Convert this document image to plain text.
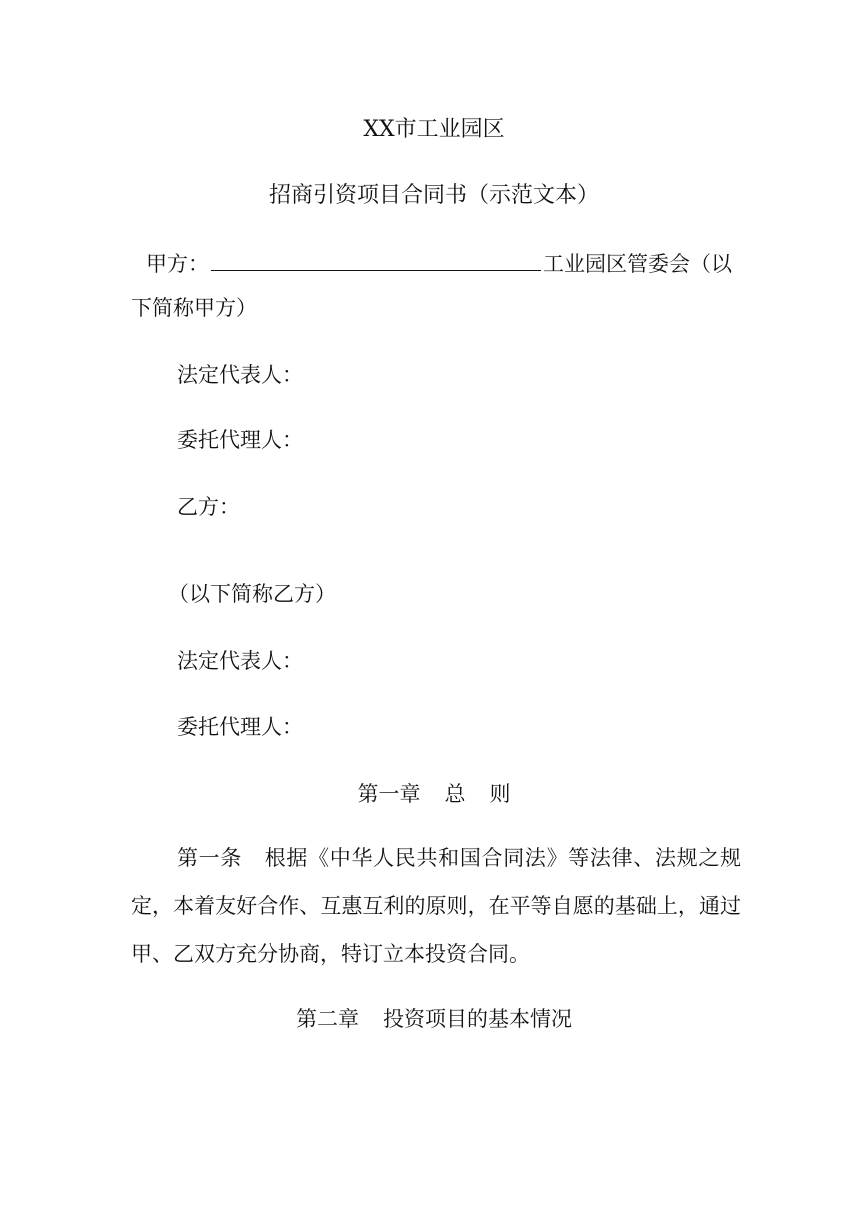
XX市工业园区
招商引资项目合同书（示范文本）
甲方：	工业园区管委会（以
下简称甲方）
法定代表人：
委托代理人：
乙方：
（以下简称乙方）
法定代表人：
委托代理人：
第一章 总 则
第一条 根据《中华人民共和国合同法》等法律、法规之规定，本着友好合作、互惠互利的原则，在平等自愿的基础上，通过甲、乙双方充分协商，特订立本投资合同。
第二章 投资项目的基本情况
